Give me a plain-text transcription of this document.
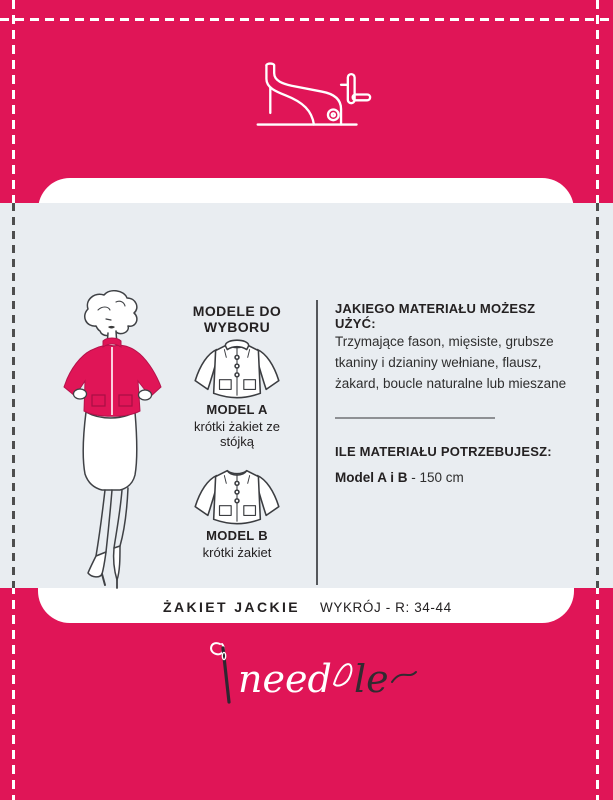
MODELE DO WYBORU
MODEL A
krótki żakiet ze stójką
MODEL B
krótki żakiet
JAKIEGO MATERIAŁU MOŻESZ UŻYĆ:
Trzymające fason, mięsiste, grubsze
tkaniny i dzianiny wełniane, flausz,
żakard, boucle naturalne lub mieszane
ILE MATERIAŁU POTRZEBUJESZ:
Model A i B - 150 cm
ŻAKIET JACKIE WYKRÓJ - R: 34-44
need le
